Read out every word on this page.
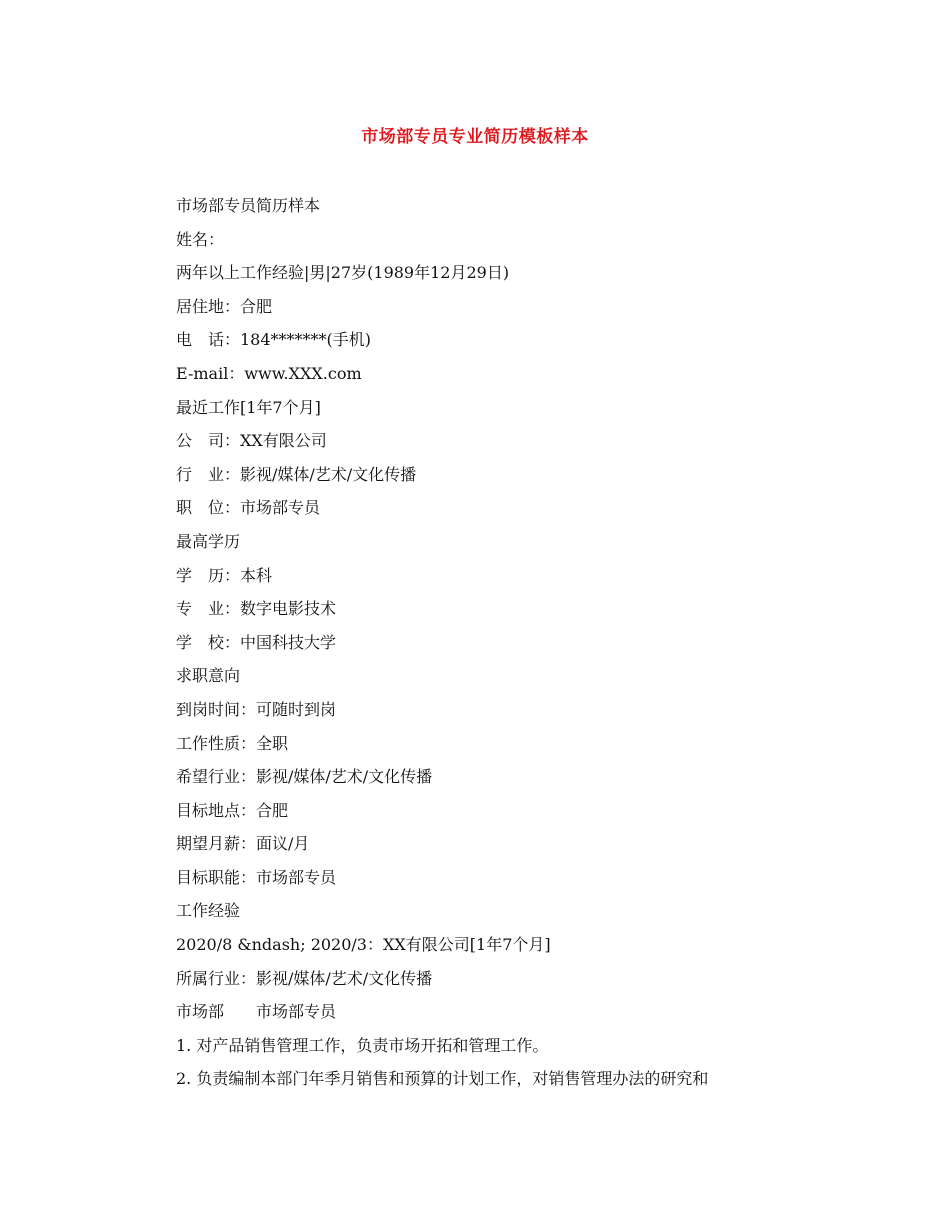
市场部专员专业简历模板样本
市场部专员简历样本
姓名：
两年以上工作经验|男|27岁(1989年12月29日)
居住地：合肥
电　话：184*******(手机)
E-mail：www.XXX.com
最近工作[1年7个月]
公　司：XX有限公司
行　业：影视/媒体/艺术/文化传播
职　位：市场部专员
最高学历
学　历：本科
专　业：数字电影技术
学　校：中国科技大学
求职意向
到岗时间：可随时到岗
工作性质：全职
希望行业：影视/媒体/艺术/文化传播
目标地点：合肥
期望月薪：面议/月
目标职能：市场部专员
工作经验
2020/8 &ndash; 2020/3：XX有限公司[1年7个月]
所属行业：影视/媒体/艺术/文化传播
市场部　　市场部专员
1. 对产品销售管理工作，负责市场开拓和管理工作。
2. 负责编制本部门年季月销售和预算的计划工作，对销售管理办法的研究和
